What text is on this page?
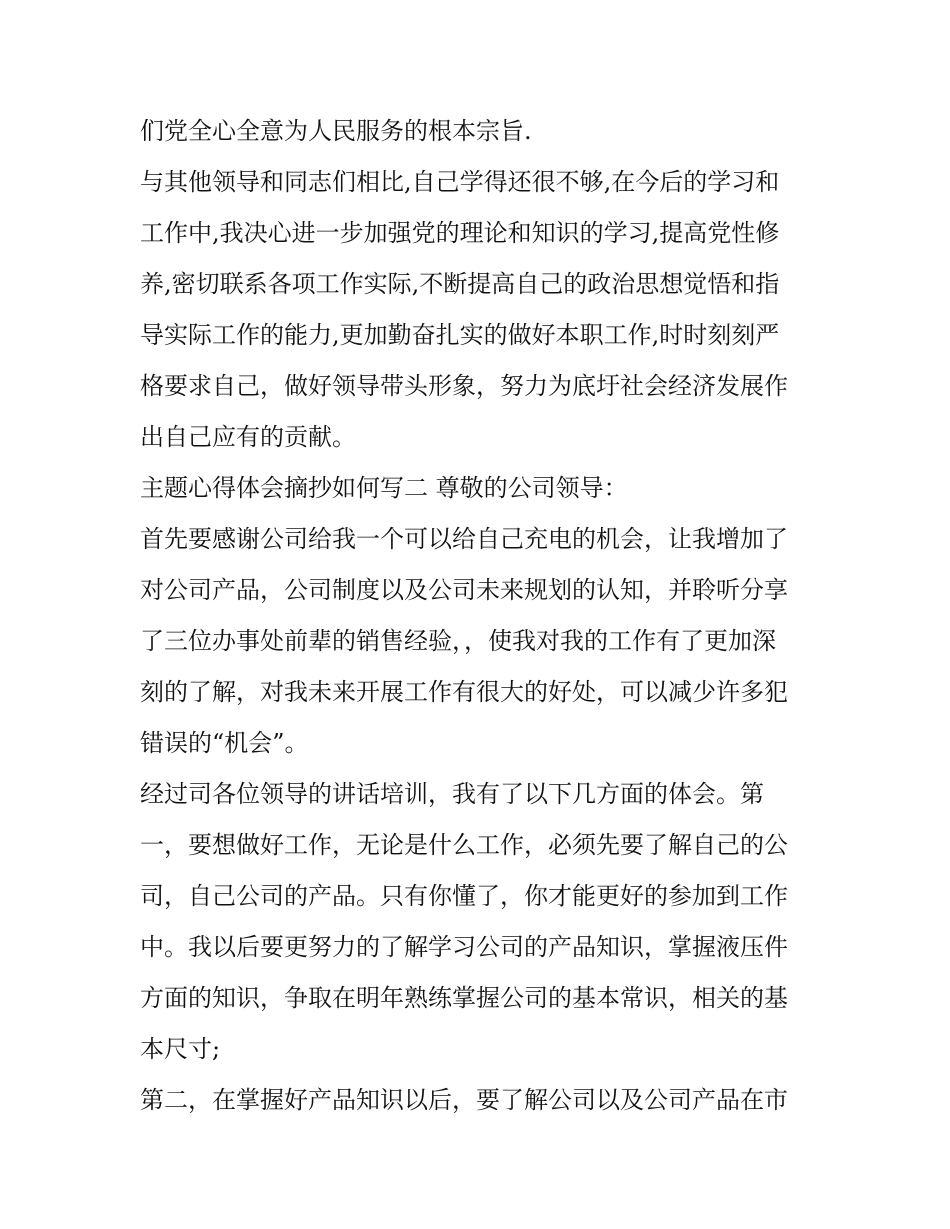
们党全心全意为人民服务的根本宗旨.
与其他领导和同志们相比,自己学得还很不够,在今后的学习和
工作中,我决心进一步加强党的理论和知识的学习,提高党性修
养,密切联系各项工作实际,不断提高自己的政治思想觉悟和指
导实际工作的能力,更加勤奋扎实的做好本职工作,时时刻刻严
格要求自己，做好领导带头形象，努力为底圩社会经济发展作
出自己应有的贡献。
主题心得体会摘抄如何写二 尊敬的公司领导：
首先要感谢公司给我一个可以给自己充电的机会，让我增加了
对公司产品，公司制度以及公司未来规划的认知，并聆听分享
了三位办事处前辈的销售经验，，使我对我的工作有了更加深
刻的了解，对我未来开展工作有很大的好处，可以减少许多犯
错误的“机会”。
经过司各位领导的讲话培训，我有了以下几方面的体会。第
一，要想做好工作，无论是什么工作，必须先要了解自己的公
司，自己公司的产品。只有你懂了，你才能更好的参加到工作
中。我以后要更努力的了解学习公司的产品知识，掌握液压件
方面的知识，争取在明年熟练掌握公司的基本常识，相关的基
本尺寸;
第二，在掌握好产品知识以后，要了解公司以及公司产品在市
